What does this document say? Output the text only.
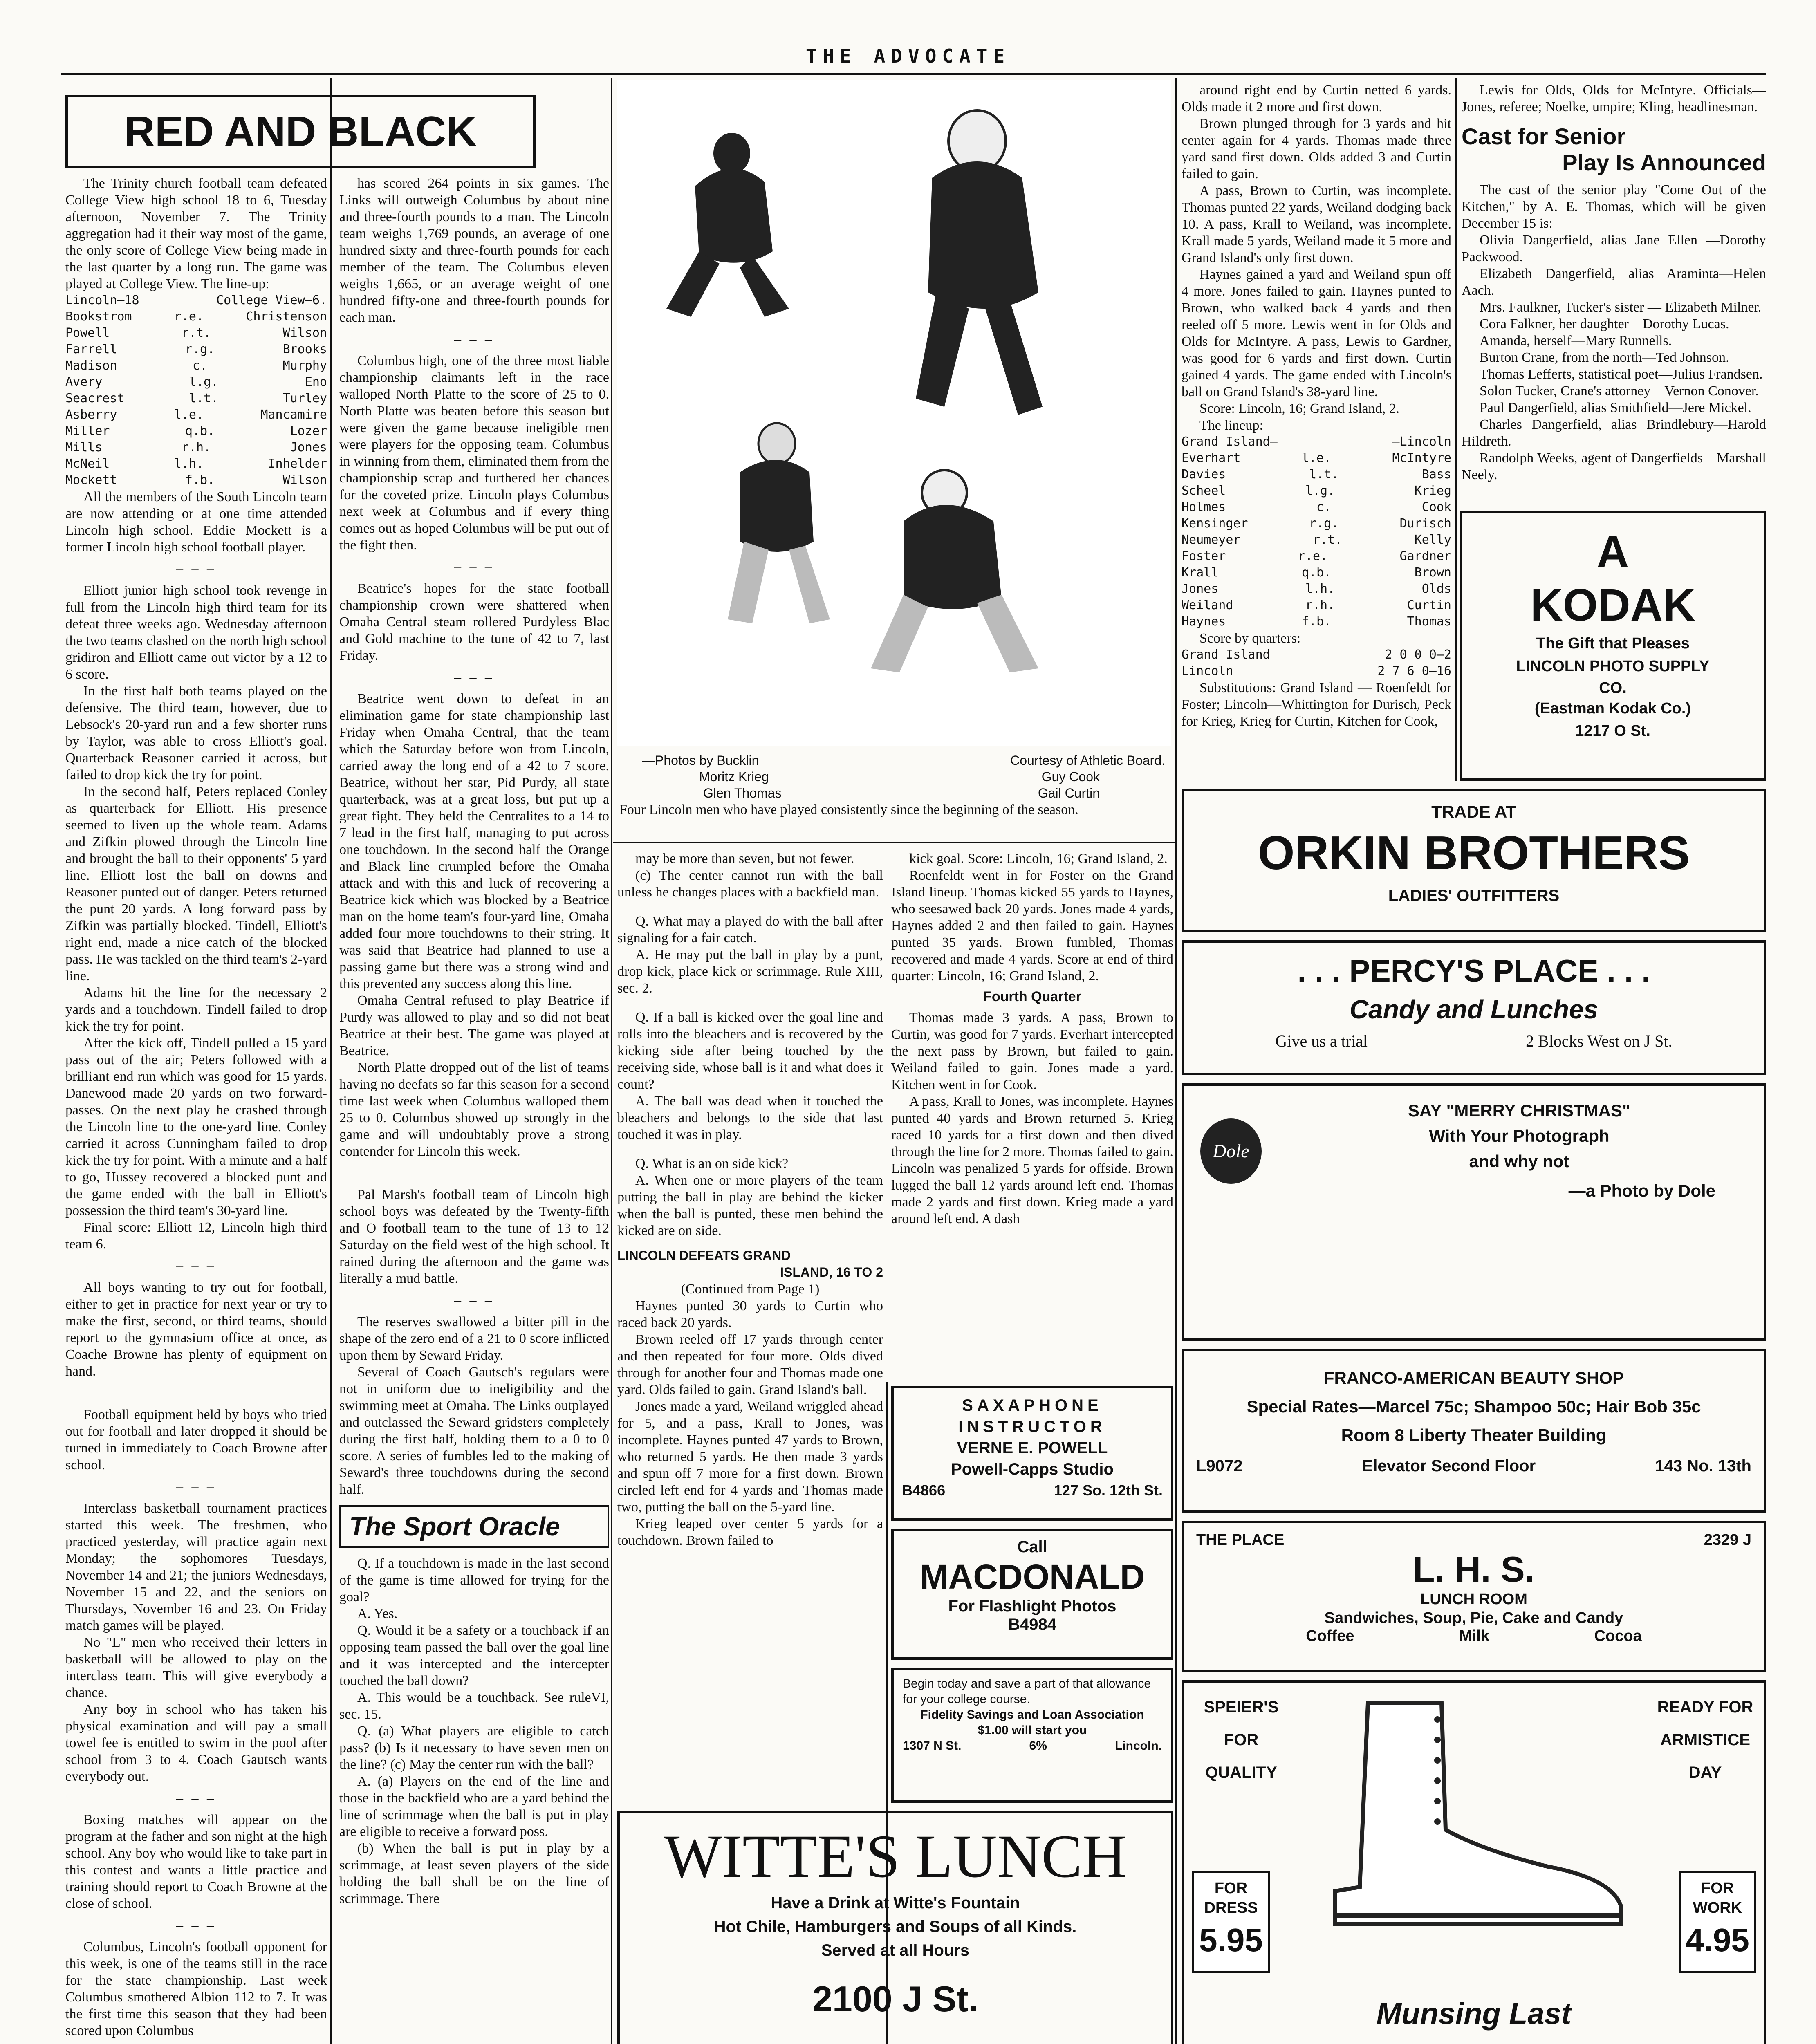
THE ADVOCATE
RED AND BLACK

The Trinity church football team defeated College View high school 18 to 6, Tuesday afternoon, November 7. The Trinity aggregation had it their way most of the game, the only score of College View being made in the last quarter by a long run. The game was played at College View. The line-up:

Lincoln—18	College View—6.
Bookstrom	r.e.	Christenson
Powell	r.t.	Wilson
Farrell	r.g.	Brooks
Madison	c.	Murphy
Avery	l.g.	Eno
Seacrest	l.t.	Turley
Asberry	l.e.	Mancamire
Miller	q.b.	Lozer
Mills	r.h.	Jones
McNeil	l.h.	Inhelder
Mockett	f.b.	Wilson

All the members of the South Lincoln team are now attending or at one time attended Lincoln high school. Eddie Mockett is a former Lincoln high school football player.

– – –

Elliott junior high school took revenge in full from the Lincoln high third team for its defeat three weeks ago. Wednesday afternoon the two teams clashed on the north high school gridiron and Elliott came out victor by a 12 to 6 score.

In the first half both teams played on the defensive. The third team, however, due to Lebsock's 20-yard run and a few shorter runs by Taylor, was able to cross Elliott's goal. Quarterback Reasoner carried it across, but failed to drop kick the try for point.

In the second half, Peters replaced Conley as quarterback for Elliott. His presence seemed to liven up the whole team. Adams and Zifkin plowed through the Lincoln line and brought the ball to their opponents' 5 yard line. Elliott lost the ball on downs and Reasoner punted out of danger. Peters returned the punt 20 yards. A long forward pass by Zifkin was partially blocked. Tindell, Elliott's right end, made a nice catch of the blocked pass. He was tackled on the third team's 2-yard line.

Adams hit the line for the necessary 2 yards and a touchdown. Tindell failed to drop kick the try for point.

After the kick off, Tindell pulled a 15 yard pass out of the air; Peters followed with a brilliant end run which was good for 15 yards. Danewood made 20 yards on two forward-passes. On the next play he crashed through the Lincoln line to the one-yard line. Conley carried it across Cunningham failed to drop kick the try for point. With a minute and a half to go, Hussey recovered a blocked punt and the game ended with the ball in Elliott's possession the third team's 30-yard line.

Final score: Elliott 12, Lincoln high third team 6.

– – –

All boys wanting to try out for football, either to get in practice for next year or try to make the first, second, or third teams, should report to the gymnasium office at once, as Coache Browne has plenty of equipment on hand.

– – –

Football equipment held by boys who tried out for football and later dropped it should be turned in immediately to Coach Browne after school.

– – –

Interclass basketball tournament practices started this week. The freshmen, who practiced yesterday, will practice again next Monday; the sophomores Tuesdays, November 14 and 21; the juniors Wednesdays, November 15 and 22, and the seniors on Thursdays, November 16 and 23. On Friday match games will be played.

No "L" men who received their letters in basketball will be allowed to play on the interclass team. This will give everybody a chance.

Any boy in school who has taken his physical examination and will pay a small towel fee is entitled to swim in the pool after school from 3 to 4. Coach Gautsch wants everybody out.

– – –

Boxing matches will appear on the program at the father and son night at the high school. Any boy who would like to take part in this contest and wants a little practice and training should report to Coach Browne at the close of school.

– – –

Columbus, Lincoln's football opponent for this week, is one of the teams still in the race for the state championship. Last week Columbus smothered Albion 112 to 7. It was the first time this season that they had been scored upon Columbus

has scored 264 points in six games. The Links will outweigh Columbus by about nine and three-fourth pounds to a man. The Lincoln team weighs 1,769 pounds, an average of one hundred sixty and three-fourth pounds for each member of the team. The Columbus eleven weighs 1,665, or an average weight of one hundred fifty-one and three-fourth pounds for each man.

– – –

Columbus high, one of the three most liable championship claimants left in the race walloped North Platte to the score of 25 to 0. North Platte was beaten before this season but were given the game because ineligible men were players for the opposing team. Columbus in winning from them, eliminated them from the championship scrap and furthered her chances for the coveted prize. Lincoln plays Columbus next week at Columbus and if every thing comes out as hoped Columbus will be put out of the fight then.

– – –

Beatrice's hopes for the state football championship crown were shattered when Omaha Central steam rollered Purdyless Blac and Gold machine to the tune of 42 to 7, last Friday.

– – –

Beatrice went down to defeat in an elimination game for state championship last Friday when Omaha Central, that the team which the Saturday before won from Lincoln, carried away the long end of a 42 to 7 score. Beatrice, without her star, Pid Purdy, all state quarterback, was at a great loss, but put up a great fight. They held the Centralites to a 14 to 7 lead in the first half, managing to put across one touchdown. In the second half the Orange and Black line crumpled before the Omaha attack and with this and luck of recovering a Beatrice kick which was blocked by a Beatrice man on the home team's four-yard line, Omaha added four more touchdowns to their string. It was said that Beatrice had planned to use a passing game but there was a strong wind and this prevented any success along this line.

Omaha Central refused to play Beatrice if Purdy was allowed to play and so did not beat Beatrice at their best. The game was played at Beatrice.

North Platte dropped out of the list of teams having no deefats so far this season for a second time last week when Columbus walloped them 25 to 0. Columbus showed up strongly in the game and will undoubtably prove a strong contender for Lincoln this week.

– – –

Pal Marsh's football team of Lincoln high school boys was defeated by the Twenty-fifth and O football team to the tune of 13 to 12 Saturday on the field west of the high school. It rained during the afternoon and the game was literally a mud battle.

– – –

The reserves swallowed a bitter pill in the shape of the zero end of a 21 to 0 score inflicted upon them by Seward Friday.

Several of Coach Gautsch's regulars were not in uniform due to ineligibility and the swimming meet at Omaha. The Links outplayed and outclassed the Seward gridsters completely during the first half, holding them to a 0 to 0 score. A series of fumbles led to the making of Seward's three touchdowns during the second half.

The Sport Oracle

Q. If a touchdown is made in the last second of the game is time allowed for trying for the goal?

A. Yes.

Q. Would it be a safety or a touchback if an opposing team passed the ball over the goal line and it was intercepted and the intercepter touched the ball down?

A. This would be a touchback. See ruleVI, sec. 15.

Q. (a) What players are eligible to catch pass? (b) Is it necessary to have seven men on the line? (c) May the center run with the ball?

A. (a) Players on the end of the line and those in the backfield who are a yard behind the line of scrimmage when the ball is put in play are eligible to receive a forward poss.

(b) When the ball is put in play by a scrimmage, at least seven players of the side holding the ball shall be on the line of scrimmage. There

—Photos by Bucklin	Courtesy of Athletic Board.
Moritz Krieg	Guy Cook
Glen Thomas	Gail Curtin
Four Lincoln men who have played consistently since the beginning of the season.

may be more than seven, but not fewer.

(c) The center cannot run with the ball unless he changes places with a backfield man.

Q. What may a played do with the ball after signaling for a fair catch.

A. He may put the ball in play by a punt, drop kick, place kick or scrimmage. Rule XIII, sec. 2.

Q. If a ball is kicked over the goal line and rolls into the bleachers and is recovered by the kicking side after being touched by the receiving side, whose ball is it and what does it count?

A. The ball was dead when it touched the bleachers and belongs to the side that last touched it was in play.

Q. What is an on side kick?

A. When one or more players of the team putting the ball in play are behind the kicker when the ball is punted, these men behind the kicked are on side.

LINCOLN DEFEATS GRAND
ISLAND, 16 TO 2
(Continued from Page 1)

Haynes punted 30 yards to Curtin who raced back 20 yards.

Brown reeled off 17 yards through center and then repeated for four more. Olds dived through for another four and Thomas made one yard. Olds failed to gain. Grand Island's ball.

Jones made a yard, Weiland wriggled ahead for 5, and a pass, Krall to Jones, was incomplete. Haynes punted 47 yards to Brown, who returned 5 yards. He then made 3 yards and spun off 7 more for a first down. Brown circled left end for 4 yards and Thomas made two, putting the ball on the 5-yard line.

Krieg leaped over center 5 yards for a touchdown. Brown failed to

kick goal. Score: Lincoln, 16; Grand Island, 2.

Roenfeldt went in for Foster on the Grand Island lineup. Thomas kicked 55 yards to Haynes, who seesawed back 20 yards. Jones made 4 yards, Haynes added 2 and then failed to gain. Haynes punted 35 yards. Brown fumbled, Thomas recovered and made 4 yards. Score at end of third quarter: Lincoln, 16; Grand Island, 2.

Fourth Quarter

Thomas made 3 yards. A pass, Brown to Curtin, was good for 7 yards. Everhart intercepted the next pass by Brown, but failed to gain. Weiland failed to gain. Jones made a yard. Kitchen went in for Cook.

A pass, Krall to Jones, was incomplete. Haynes punted 40 yards and Brown returned 5. Krieg raced 10 yards for a first down and then dived through the line for 2 more. Thomas failed to gain. Lincoln was penalized 5 yards for offside. Brown lugged the ball 12 yards around left end. Thomas made 2 yards and first down. Krieg made a yard around left end. A dash

SAXAPHONE
INSTRUCTOR
VERNE E. POWELL
Powell-Capps Studio
B4866	127 So. 12th St.
Call
MACDONALD
For Flashlight Photos
B4984
Begin today and save a part of that allowance for your college course.
Fidelity Savings and Loan Association
$1.00 will start you
1307 N St.	6%	Lincoln.
WITTE'S LUNCH
Have a Drink at Witte's Fountain
Hot Chile, Hamburgers and Soups of all Kinds.
Served at all Hours
2100 J St.

around right end by Curtin netted 6 yards. Olds made it 2 more and first down.

Brown plunged through for 3 yards and hit center again for 4 yards. Thomas made three yard sand first down. Olds added 3 and Curtin failed to gain.

A pass, Brown to Curtin, was incomplete. Thomas punted 22 yards, Weiland dodging back 10. A pass, Krall to Weiland, was incomplete. Krall made 5 yards, Weiland made it 5 more and Grand Island's only first down.

Haynes gained a yard and Weiland spun off 4 more. Jones failed to gain. Haynes punted to Brown, who walked back 4 yards and then reeled off 5 more. Lewis went in for Olds and Olds for McIntyre. A pass, Lewis to Gardner, was good for 6 yards and first down. Curtin gained 4 yards. The game ended with Lincoln's ball on Grand Island's 38-yard line.

Score: Lincoln, 16; Grand Island, 2.

The lineup:

Grand Island—	—Lincoln
Everhart	l.e.	McIntyre
Davies	l.t.	Bass
Scheel	l.g.	Krieg
Holmes	c.	Cook
Kensinger	r.g.	Durisch
Neumeyer	r.t.	Kelly
Foster	r.e.	Gardner
Krall	q.b.	Brown
Jones	l.h.	Olds
Weiland	r.h.	Curtin
Haynes	f.b.	Thomas

Score by quarters:

Grand Island	2 0 0 0—2
Lincoln	2 7 6 0—16

Substitutions: Grand Island — Roenfeldt for Foster; Lincoln—Whittington for Durisch, Peck for Krieg, Krieg for Curtin, Kitchen for Cook,

Lewis for Olds, Olds for McIntyre. Officials—Jones, referee; Noelke, umpire; Kling, headlinesman.

Cast for Senior
Play Is Announced

The cast of the senior play "Come Out of the Kitchen," by A. E. Thomas, which will be given December 15 is:

Olivia Dangerfield, alias Jane Ellen —Dorothy Packwood.

Elizabeth Dangerfield, alias Araminta—Helen Aach.

Mrs. Faulkner, Tucker's sister — Elizabeth Milner.

Cora Falkner, her daughter—Dorothy Lucas.

Amanda, herself—Mary Runnells.

Burton Crane, from the north—Ted Johnson.

Thomas Lefferts, statistical poet—Julius Frandsen.

Solon Tucker, Crane's attorney—Vernon Conover.

Paul Dangerfield, alias Smithfield—Jere Mickel.

Charles Dangerfield, alias Brindlebury—Harold Hildreth.

Randolph Weeks, agent of Dangerfields—Marshall Neely.

A
KODAK
The Gift that Pleases
LINCOLN PHOTO SUPPLY
CO.
(Eastman Kodak Co.)
1217 O St.
TRADE AT
ORKIN BROTHERS
LADIES' OUTFITTERS
. . . PERCY'S PLACE . . .
Candy and Lunches
Give us a trial	2 Blocks West on J St.
Dole
SAY "MERRY CHRISTMAS"
With Your Photograph
and why not
—a Photo by Dole
FRANCO-AMERICAN BEAUTY SHOP
Special Rates—Marcel 75c; Shampoo 50c; Hair Bob 35c
Room 8 Liberty Theater Building
L9072	Elevator Second Floor	143 No. 13th
THE PLACE	2329 J
L. H. S.
LUNCH ROOM
Sandwiches, Soup, Pie, Cake and Candy
Coffee	Milk	Cocoa
SPEIER'S
FOR
QUALITY
READY FOR
ARMISTICE
DAY
FOR
DRESS
5.95
FOR
WORK
4.95
Munsing Last
